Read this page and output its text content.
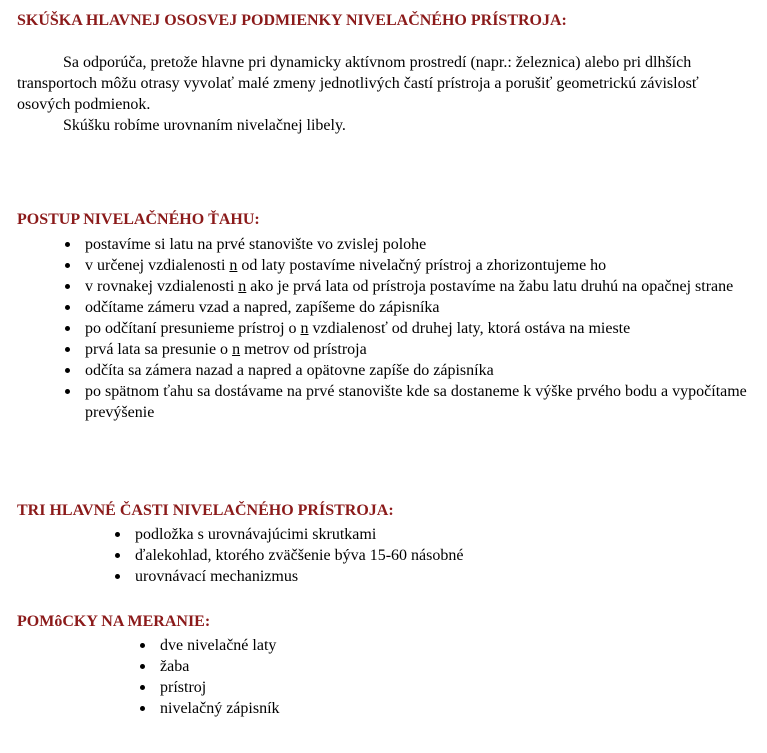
SKÚŠKA HLAVNEJ OSOSVEJ PODMIENKY NIVELAČNÉHO PRÍSTROJA:

Sa odporúča, pretože hlavne pri dynamicky aktívnom prostredí (napr.: železnica) alebo pri dlhších transportoch môžu otrasy vyvolať malé zmeny jednotlivých častí prístroja a porušiť geometrickú závislosť osových podmienok.

Skúšku robíme urovnaním nivelačnej libely.

POSTUP NIVELAČNÉHO ŤAHU:
postavíme si latu na prvé stanovište vo zvislej polohe
v určenej vzdialenosti n od laty postavíme nivelačný prístroj a zhorizontujeme ho
v rovnakej vzdialenosti n ako je prvá lata od prístroja postavíme na žabu latu druhú na opačnej strane
odčítame zámeru vzad a napred, zapíšeme do zápisníka
po odčítaní presunieme prístroj o n vzdialenosť od druhej laty, ktorá ostáva na mieste
prvá lata sa presunie o n metrov od prístroja
odčíta sa zámera nazad a napred a opätovne zapíše do zápisníka
po spätnom ťahu sa dostávame na prvé stanovište kde sa dostaneme k výške prvého bodu a vypočítame prevýšenie
TRI HLAVNÉ ČASTI NIVELAČNÉHO PRÍSTROJA:
podložka s urovnávajúcimi skrutkami
ďalekohlad, ktorého zväčšenie býva 15-60 násobné
urovnávací mechanizmus
POMôCKY NA MERANIE:
dve nivelačné laty
žaba
prístroj
nivelačný zápisník
